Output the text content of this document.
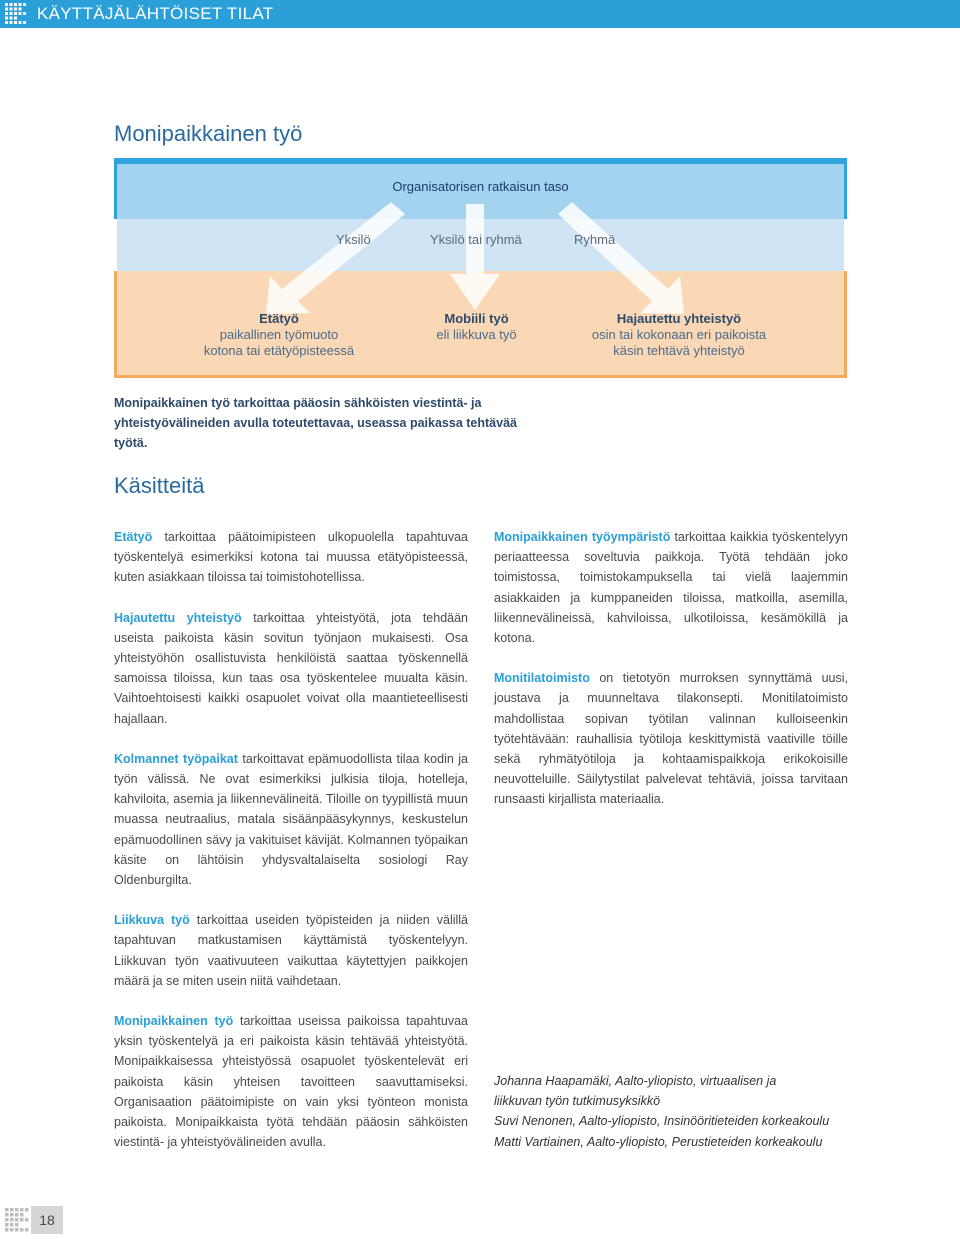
KÄYTTÄJÄLÄHTÖISET TILAT
Monipaikkainen työ
Organisatorisen ratkaisun taso
Yksilö	Yksilö tai ryhmä	Ryhmä
Etätyö
paikallinen työmuoto
kotona tai etätyöpisteessä
Mobiili työ
eli liikkuva työ
Hajautettu yhteistyö
osin tai kokonaan eri paikoista
käsin tehtävä yhteistyö
Monipaikkainen työ tarkoittaa pääosin sähköisten viestintä- ja
yhteistyövälineiden avulla toteutettavaa, useassa paikassa tehtävää työtä.
Käsitteitä

Etätyö tarkoittaa päätoimipisteen ulkopuolella tapahtuvaa työskentelyä esimerkiksi kotona tai muussa etätyöpisteessä, kuten asiakkaan tiloissa tai toimistohotellissa.

Hajautettu yhteistyö tarkoittaa yhteistyötä, jota tehdään useista paikoista käsin sovitun työnjaon mukaisesti. Osa yhteistyöhön osallistuvista henkilöistä saattaa työskennellä samoissa tiloissa, kun taas osa työskentelee muualta käsin. Vaihtoehtoisesti kaikki osapuolet voivat olla maantieteellisesti hajallaan.

Kolmannet työpaikat tarkoittavat epämuodollista tilaa kodin ja työn välissä. Ne ovat esimerkiksi julkisia tiloja, hotelleja, kahviloita, asemia ja liikennevälineitä. Tiloille on tyypillistä muun muassa neutraalius, matala sisäänpääsykynnys, keskustelun epämuodollinen sävy ja vakituiset kävijät. Kolmannen työpaikan käsite on lähtöisin yhdysvaltalaiselta sosiologi Ray Oldenburgilta.

Liikkuva työ tarkoittaa useiden työpisteiden ja niiden välillä tapahtuvan matkustamisen käyttämistä työskentelyyn. Liikkuvan työn vaativuuteen vaikuttaa käytettyjen paikkojen määrä ja se miten usein niitä vaihdetaan.

Monipaikkainen työ tarkoittaa useissa paikoissa tapahtuvaa yksin työskentelyä ja eri paikoista käsin tehtävää yhteistyötä. Monipaikkaisessa yhteistyössä osapuolet työskentelevät eri paikoista käsin yhteisen tavoitteen saavuttamiseksi. Organisaation päätoimipiste on vain yksi työnteon monista paikoista. Monipaikkaista työtä tehdään pääosin sähköisten viestintä- ja yhteistyövälineiden avulla.

Monipaikkainen työympäristö tarkoittaa kaikkia työskentelyyn periaatteessa soveltuvia paikkoja. Työtä tehdään joko toimistossa, toimistokampuksella tai vielä laajemmin asiakkaiden ja kumppaneiden tiloissa, matkoilla, asemilla, liikennevälineissä, kahviloissa, ulkotiloissa, kesämökillä ja kotona.

Monitilatoimisto on tietotyön murroksen synnyttämä uusi, joustava ja muunneltava tilakonsepti. Monitilatoimisto mahdollistaa sopivan työtilan valinnan kulloiseenkin työtehtävään: rauhallisia työtiloja keskittymistä vaativille töille sekä ryhmätyötiloja ja kohtaamispaikkoja erikokoisille neuvotteluille. Säilytystilat palvelevat tehtäviä, joissa tarvitaan runsaasti kirjallista materiaalia.

Johanna Haapamäki, Aalto-yliopisto, virtuaalisen ja
liikkuvan työn tutkimusyksikkö
Suvi Nenonen, Aalto-yliopisto, Insinööritieteiden korkeakoulu
Matti Vartiainen, Aalto-yliopisto, Perustieteiden korkeakoulu
18
